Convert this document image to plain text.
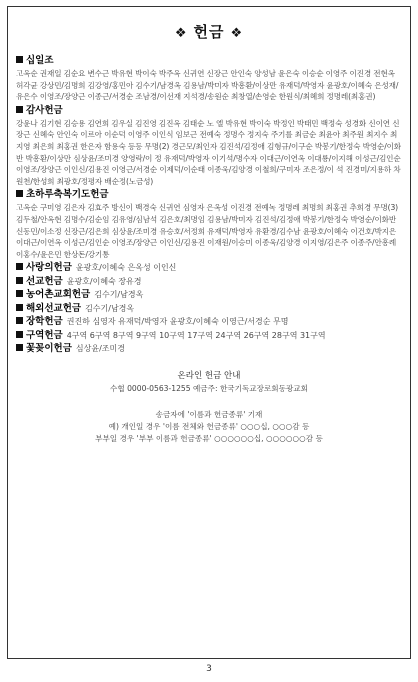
❖ 헌금 ❖
십일조
고옥순 권재일 김순요 변수근 박유현 박이숙 박주옥 신귀연 신장근 안인숙 양성남 윤은숙 이승순 이영주 이진경 전현옥 허각균 강상민/김명희 김강영/홍민아 김수기/남경옥 김용남/박미자 박흥환/이상만 유재덕/박영자 윤광호/이혜숙 은성재/유은수 이영조/장양근 이종근/서경순 조남경/이선재 지석경/송원순 최창열/손영순 한원식/최혜희 정명레(최홍권)
감사헌금
강윤나 김기현 김승용 김연희 김우실 김진영 김진옥 김태순 노 엘 박유현 박이숙 박정인 박태민 백정숙 성경화 신이연 신장근 신혜숙 안인숙 이르아 이순덕 이영주 이인식 임보근 전예숙 정명수 정지숙 주기를 최금순 최윤아 최주원 최지수 최지영 최은희 최홍권 한은자 함용숙 등등 무명(2) 경근모/최인자 김진석/김정애 김형규/이구순 박봉기/한정숙 박영순/이화반 박흥환/이상만 심상윤/조미경 양영락/이 정 유재덕/박영자 이기석/명수자 이대근/이연옥 이대룡/이지해 이성근/김인순 이영조/장양근 이인신/김용진 이영근/서경순 이제덕/이순태 이종욱/김양경 이철희/구미자 조은정/이 석 진경미/지용하 차원천/한성희 최광호/정평자 배순정(노금성)
초하루축복기도헌금
고옥순 구미영 김은자 김효주 방신이 백경숙 신귀연 심영자 은옥성 이진경 전예녹 정명레 최명희 최홍권 추희경 무명(3) 김두철/안옥현 김명수/김순임 김유영/심남석 김은호/최명임 김용남/박미자 김진석/김정애 박봉기/한정숙 박영순/이화반 신동민/이소정 신장근/김은희 심상윤/조미경 유승호/서정희 유재덕/박영자 유환경/김수남 윤광호/이혜숙 이건호/박지은 이대근/이연옥 이성근/김인순 이영조/장양근 이인신/김용진 이재원/이승미 이종욱/김양경 이지영/김은주 이종주/안흥례 이홍수/윤은민 한상돈/강기통
사랑의헌금 윤광호/이혜숙 은옥성 이인신
선교헌금 윤광호/이혜숙 장유경
농어촌교회헌금 김수기/남경옥
해외선교헌금 김수기/남경옥
장학헌금 권진하 심영자 유재덕/박영자 윤광호/이혜숙 이영근/서경순 무명
구역헌금 4구역 6구역 8구역 9구역 10구역 17구역 24구역 26구역 28구역 31구역
꽃꽂이헌금 심상윤/조미경
온라인 헌금 안내
수협 0000-0563-1255 예금주: 한국기독교장로회동광교회
송금자에 '이름과 헌금종류' 기재
예) 개인일 경우 '이름 전체와 헌금종류' ○○○십, ○○○감 등
부부일 경우 '부부 이름과 헌금종류' ○○○○○○십, ○○○○○○감 등
3
